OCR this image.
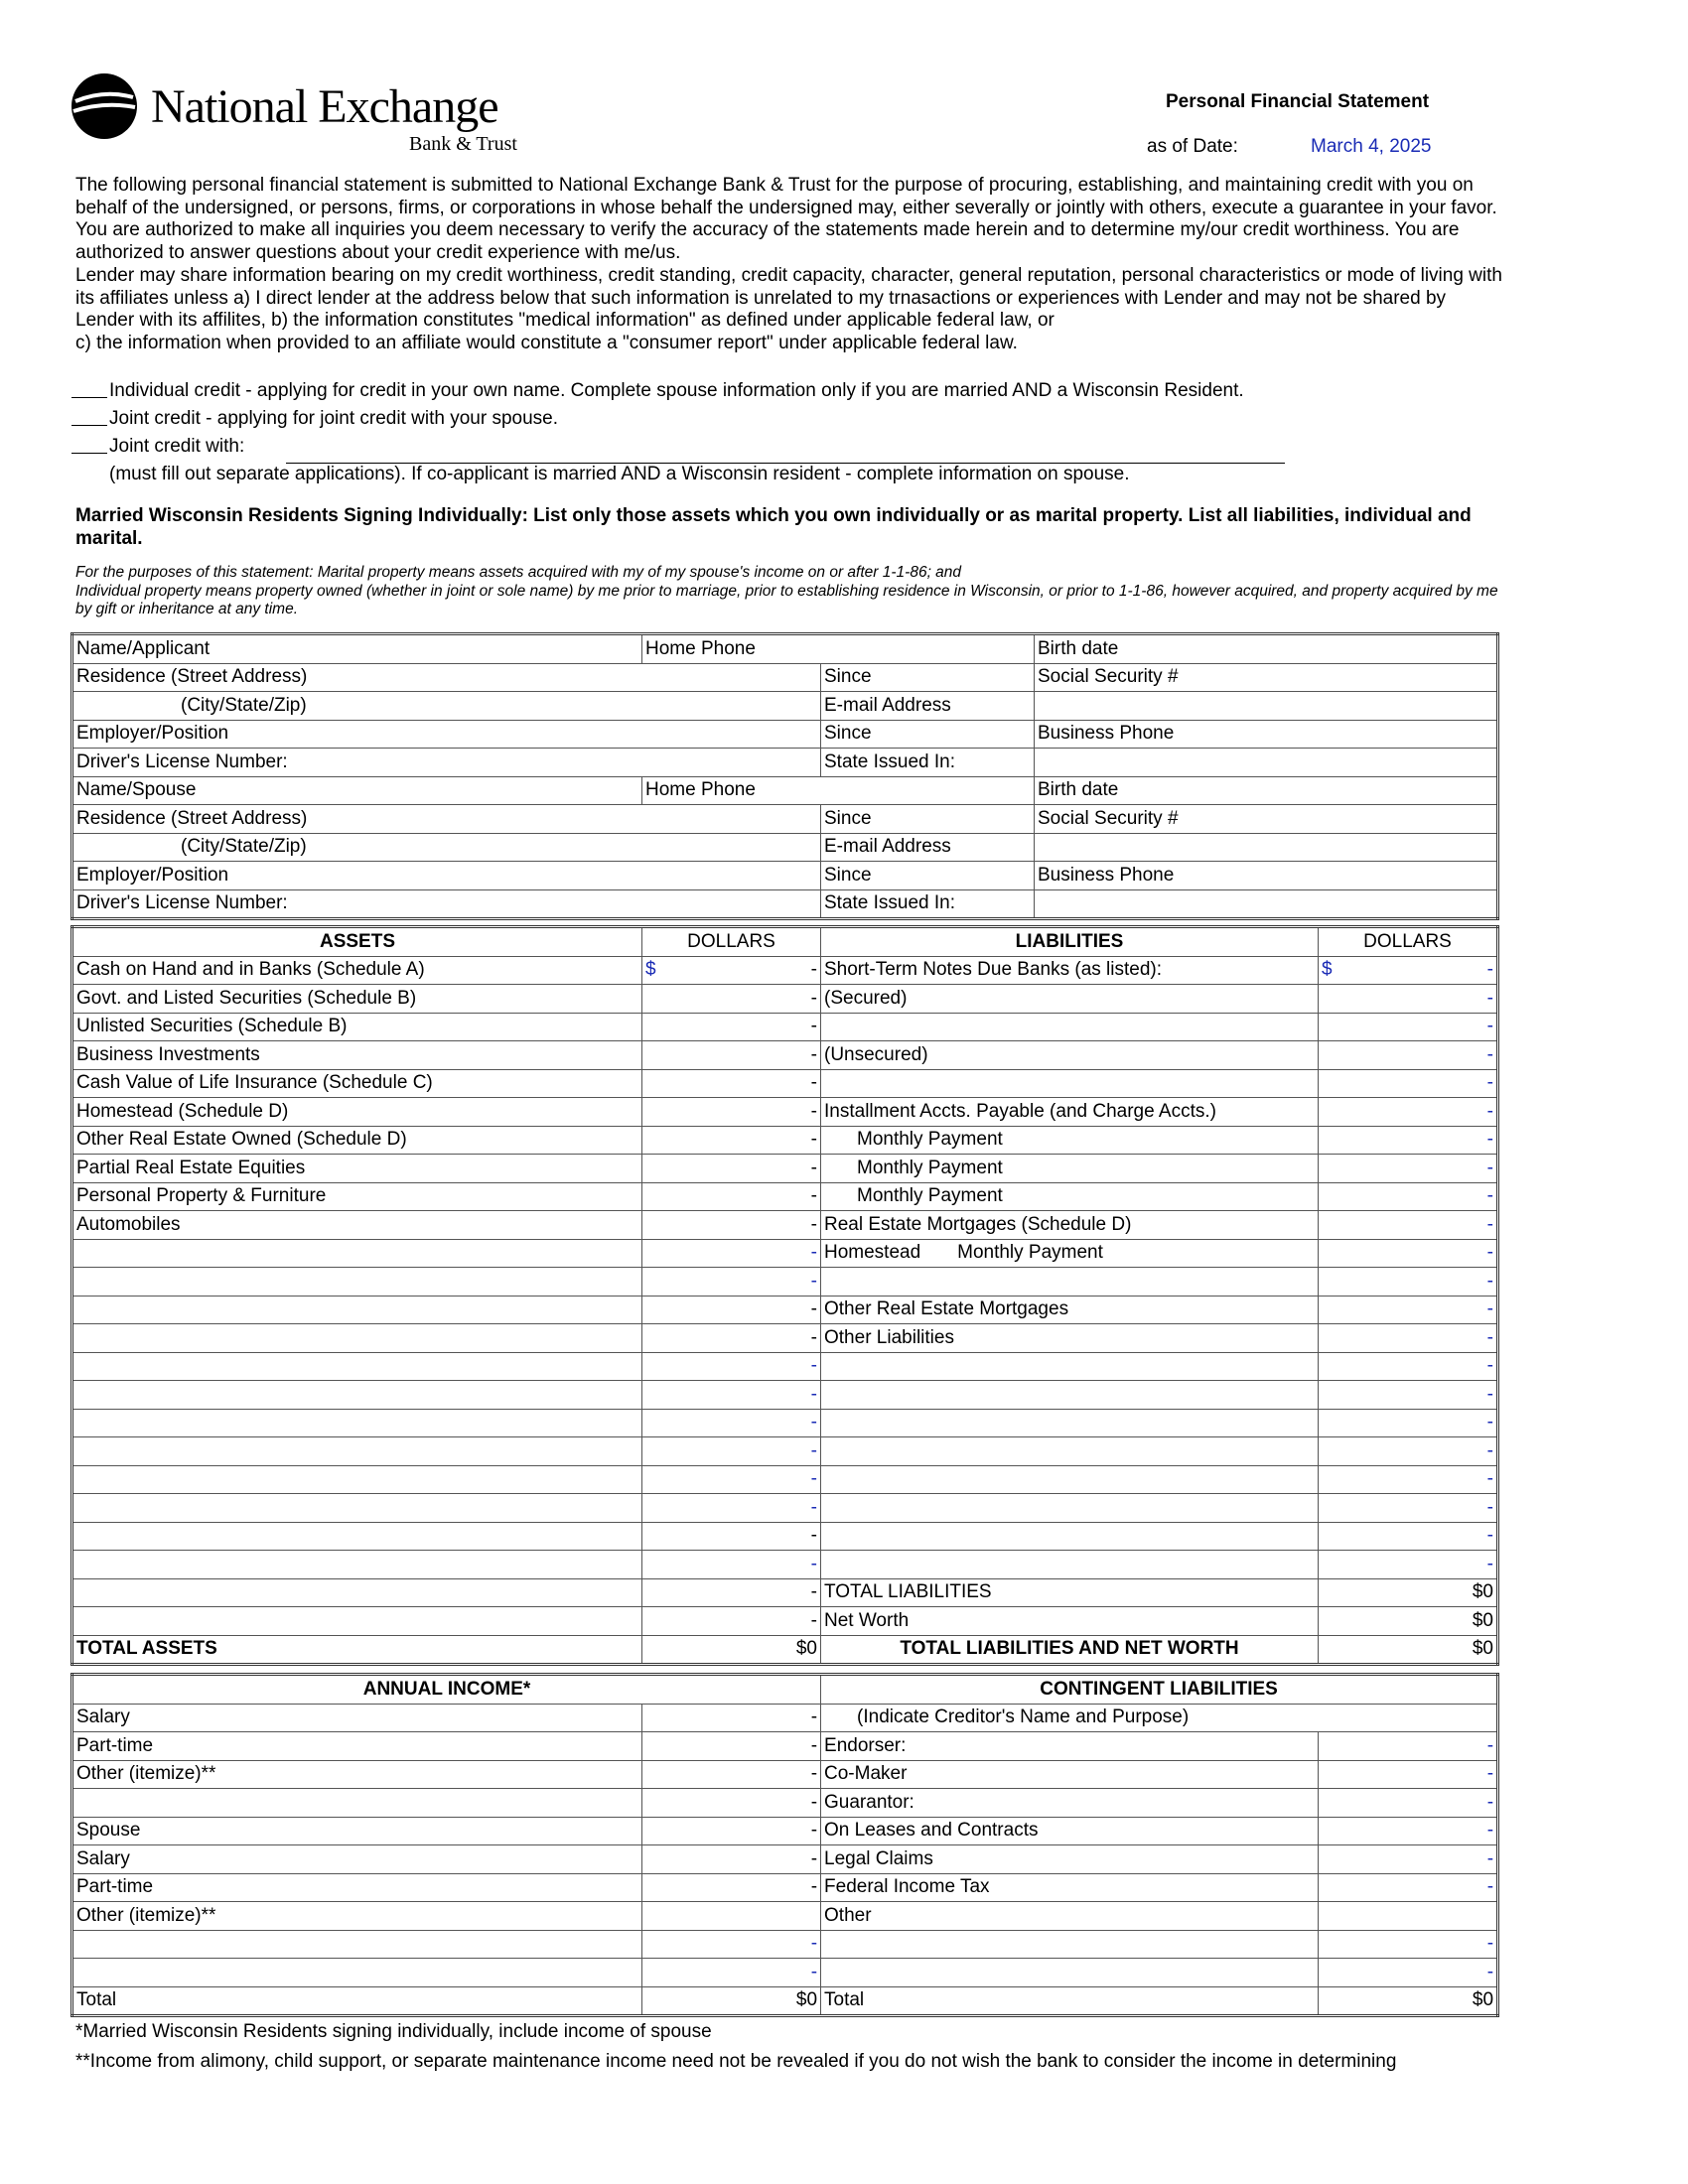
National Exchange
Bank & Trust
Personal Financial Statement
as of Date:	March 4, 2025

The following personal financial statement is submitted to National Exchange Bank & Trust for the purpose of procuring, establishing, and maintaining credit with you on behalf of the undersigned, or persons, firms, or corporations in whose behalf the undersigned may, either severally or jointly with others, execute a guarantee in your favor. You are authorized to make all inquiries you deem necessary to verify the accuracy of the statements made herein and to determine my/our credit worthiness. You are authorized to answer questions about your credit experience with me/us.

Lender may share information bearing on my credit worthiness, credit standing, credit capacity, character, general reputation, personal characteristics or mode of living with its affiliates unless a) I direct lender at the address below that such information is unrelated to my trnasactions or experiences with Lender and may not be shared by Lender with its affilites, b) the information constitutes "medical information" as defined under applicable federal law, or

c) the information when provided to an affiliate would constitute a "consumer report" under applicable federal law.

Individual credit - applying for credit in your own name. Complete spouse information only if you are married AND a Wisconsin Resident.
Joint credit - applying for joint credit with your spouse.
Joint credit with:
(must fill out separate applications). If co-applicant is married AND a Wisconsin resident - complete information on spouse.
Married Wisconsin Residents Signing Individually: List only those assets which you own individually or as marital property. List all liabilities, individual and marital.

For the purposes of this statement: Marital property means assets acquired with my of my spouse's income on or after 1-1-86; and

Individual property means property owned (whether in joint or sole name) by me prior to marriage, prior to establishing residence in Wisconsin, or prior to 1-1-86, however acquired, and property acquired by me by gift or inheritance at any time.

Name/Applicant	Home Phone		Birth date
Residence (Street Address)		Since	Social Security #
(City/State/Zip)		E-mail Address	
Employer/Position		Since	Business Phone
Driver's License Number:		State Issued In:	
Name/Spouse	Home Phone		Birth date
Residence (Street Address)		Since	Social Security #
(City/State/Zip)		E-mail Address	
Employer/Position		Since	Business Phone
Driver's License Number:		State Issued In:	
ASSETS	DOLLARS	LIABILITIES	DOLLARS
Cash on Hand and in Banks (Schedule A)	$ -	Short-Term Notes Due Banks (as listed):	$ -

Govt. and Listed Securities (Schedule B)	-	(Secured)	-

Unlisted Securities (Schedule B)	-		-

Business Investments	-	(Unsecured)	-

Cash Value of Life Insurance (Schedule C)	-		-

Homestead (Schedule D)	-	Installment Accts. Payable (and Charge Accts.)	-

Other Real Estate Owned (Schedule D)	-	Monthly Payment	-

Partial Real Estate Equities	-	Monthly Payment	-

Personal Property & Furniture	-	Monthly Payment	-

Automobiles	-	Real Estate Mortgages (Schedule D)	-

	-	Homestead       Monthly Payment	-

	-		-

	-	Other Real Estate Mortgages	-

	-	Other Liabilities	-

	-		-

	-		-

	-		-

	-		-

	-		-

	-		-

	-		-

	-		-

	-	TOTAL LIABILITIES	$0

	-	Net Worth	$0
TOTAL ASSETS	$0	TOTAL LIABILITIES AND NET WORTH	$0
ANNUAL INCOME*		CONTINGENT LIABILITIES	
Salary	-	(Indicate Creditor's Name and Purpose)	
Part-time	-	Endorser:	-

Other (itemize)**	-	Co-Maker	-

	-	Guarantor:	-

Spouse	-	On Leases and Contracts	-

Salary	-	Legal Claims	-

Part-time	-	Federal Income Tax	-

Other (itemize)**		Other	

	-		-

	-		-

Total	$0	Total	$0
*Married Wisconsin Residents signing individually, include income of spouse
**Income from alimony, child support, or separate maintenance income need not be revealed if you do not wish the bank to consider the income in determining
